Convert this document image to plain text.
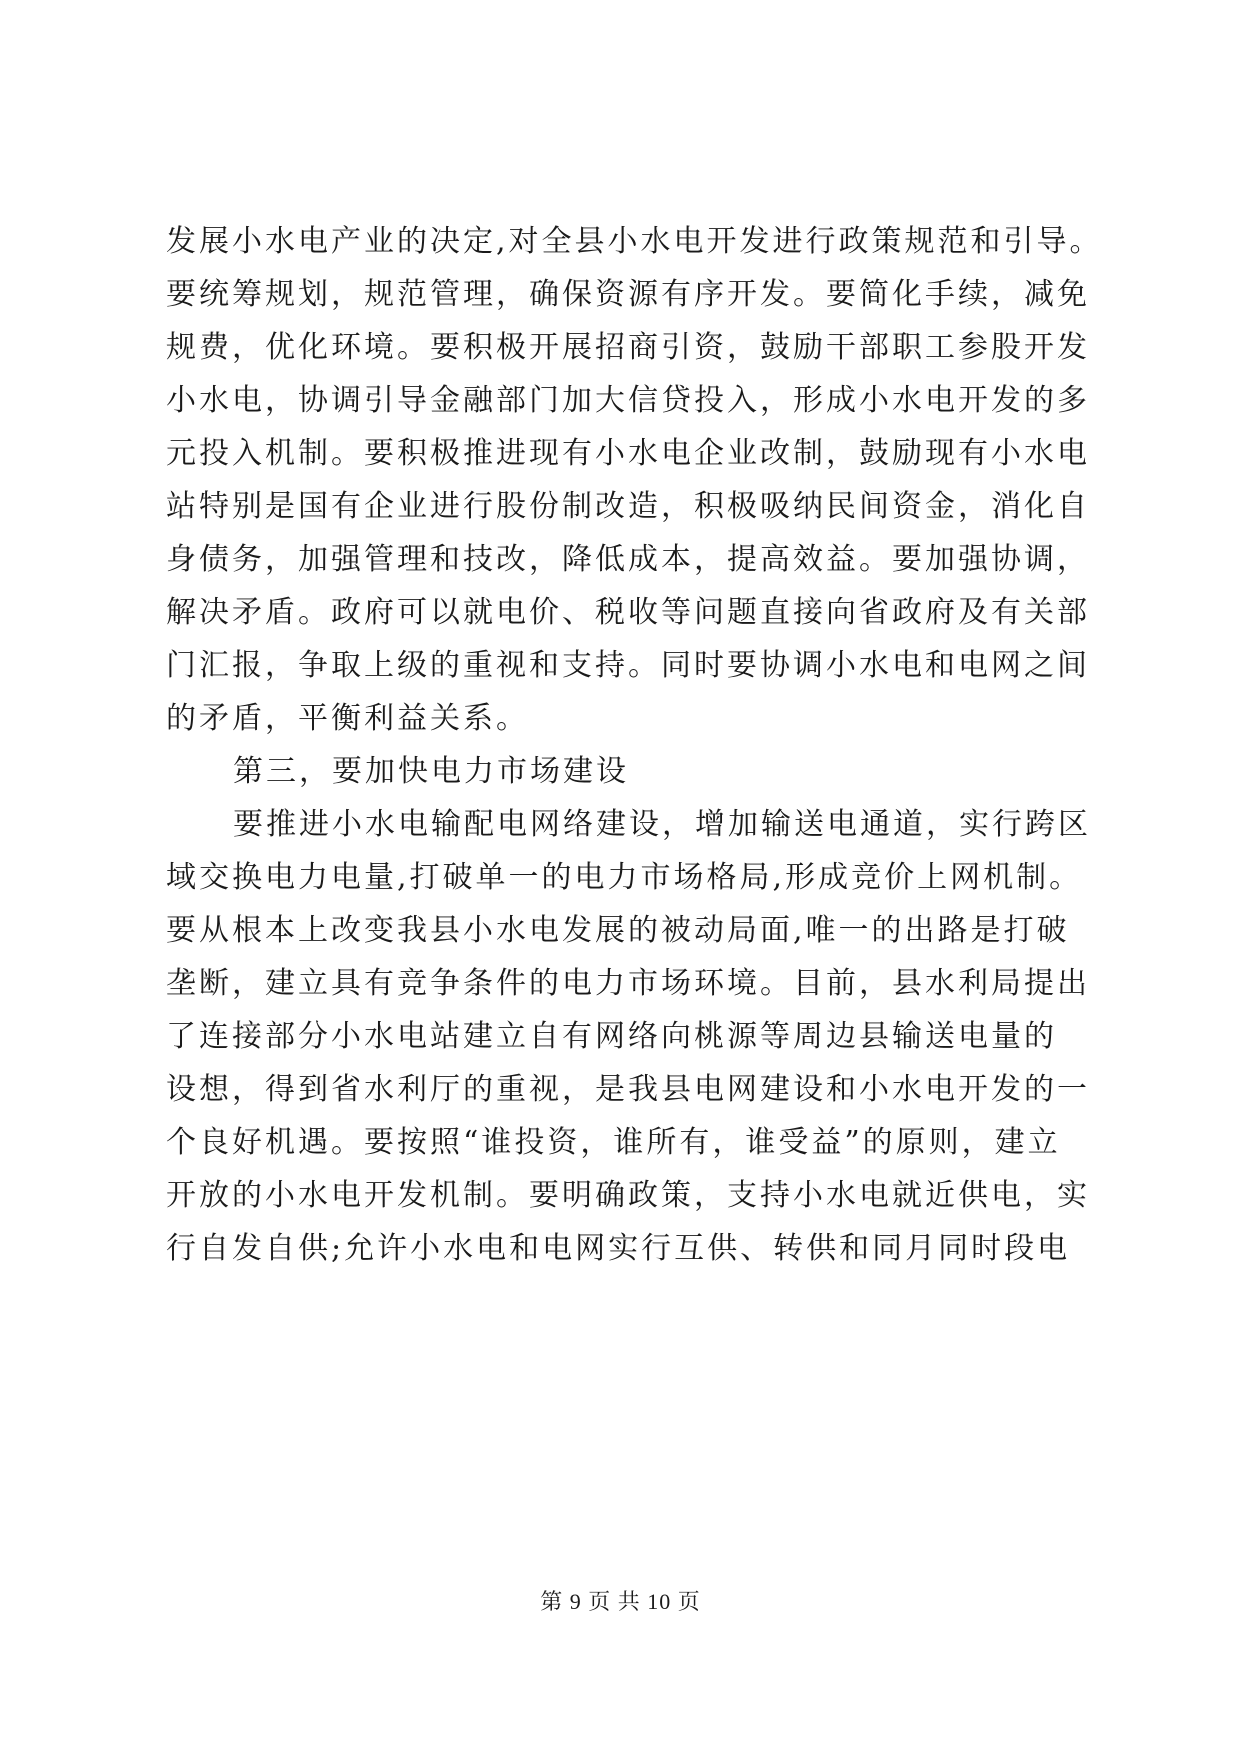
发展小水电产业的决定,对全县小水电开发进行政策规范和引导。
要统筹规划，规范管理，确保资源有序开发。要简化手续，减免
规费，优化环境。要积极开展招商引资，鼓励干部职工参股开发
小水电，协调引导金融部门加大信贷投入，形成小水电开发的多
元投入机制。要积极推进现有小水电企业改制，鼓励现有小水电
站特别是国有企业进行股份制改造，积极吸纳民间资金，消化自
身债务，加强管理和技改，降低成本，提高效益。要加强协调，
解决矛盾。政府可以就电价、税收等问题直接向省政府及有关部
门汇报，争取上级的重视和支持。同时要协调小水电和电网之间
的矛盾，平衡利益关系。
第三，要加快电力市场建设
要推进小水电输配电网络建设，增加输送电通道，实行跨区
域交换电力电量,打破单一的电力市场格局,形成竞价上网机制。
要从根本上改变我县小水电发展的被动局面,唯一的出路是打破
垄断，建立具有竞争条件的电力市场环境。目前，县水利局提出
了连接部分小水电站建立自有网络向桃源等周边县输送电量的
设想，得到省水利厅的重视，是我县电网建设和小水电开发的一
个良好机遇。要按照“谁投资，谁所有，谁受益”的原则，建立
开放的小水电开发机制。要明确政策，支持小水电就近供电，实
行自发自供;允许小水电和电网实行互供、转供和同月同时段电
第 9 页 共 10 页
